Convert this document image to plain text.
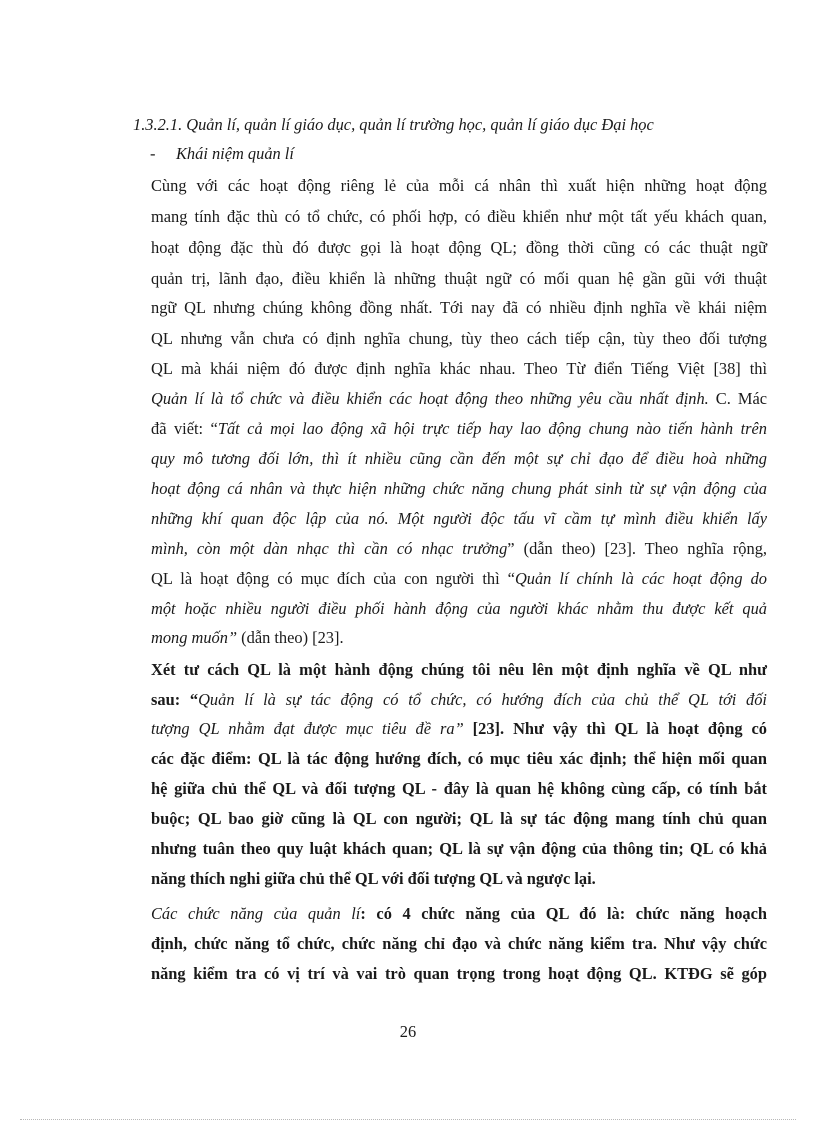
1.3.2.1. Quản lí, quản lí giáo dục, quản lí trường học, quản lí giáo dục Đại học
- Khái niệm quản lí
Cùng với các hoạt động riêng lẻ của mỗi cá nhân thì xuất hiện những hoạt động
mang tính đặc thù có tổ chức, có phối hợp, có điều khiển như một tất yếu khách quan,
hoạt động đặc thù đó được gọi là hoạt động QL; đồng thời cũng có các thuật ngữ
quản trị, lãnh đạo, điều khiển là những thuật ngữ có mối quan hệ gần gũi với thuật
ngữ QL nhưng chúng không đồng nhất. Tới nay đã có nhiều định nghĩa về khái niệm
QL nhưng vẫn chưa có định nghĩa chung, tùy theo cách tiếp cận, tùy theo đối tượng
QL mà khái niệm đó được định nghĩa khác nhau. Theo Từ điển Tiếng Việt [38] thì
Quản lí là tổ chức và điều khiển các hoạt động theo những yêu cầu nhất định. C. Mác
đã viết: “Tất cả mọi lao động xã hội trực tiếp hay lao động chung nào tiến hành trên
quy mô tương đối lớn, thì ít nhiều cũng cần đến một sự chỉ đạo để điều hoà những
hoạt động cá nhân và thực hiện những chức năng chung phát sinh từ sự vận động của
những khí quan độc lập của nó. Một người độc tấu vĩ cầm tự mình điều khiển lấy
mình, còn một dàn nhạc thì cần có nhạc trưởng” (dẫn theo) [23]. Theo nghĩa rộng,
QL là hoạt động có mục đích của con người thì “Quản lí chính là các hoạt động do
một hoặc nhiều người điều phối hành động của người khác nhằm thu được kết quả
mong muốn” (dẫn theo) [23].
Xét tư cách QL là một hành động chúng tôi nêu lên một định nghĩa về QL như
sau: “Quản lí là sự tác động có tổ chức, có hướng đích của chủ thể QL tới đối
tượng QL nhằm đạt được mục tiêu đề ra” [23]. Như vậy thì QL là hoạt động có
các đặc điểm: QL là tác động hướng đích, có mục tiêu xác định; thể hiện mối quan
hệ giữa chủ thể QL và đối tượng QL - đây là quan hệ không cùng cấp, có tính bắt
buộc; QL bao giờ cũng là QL con người; QL là sự tác động mang tính chủ quan
nhưng tuân theo quy luật khách quan; QL là sự vận động của thông tin; QL có khả
năng thích nghi giữa chủ thể QL với đối tượng QL và ngược lại.
Các chức năng của quản lí: có 4 chức năng của QL đó là: chức năng hoạch
định, chức năng tổ chức, chức năng chỉ đạo và chức năng kiểm tra. Như vậy chức
năng kiểm tra có vị trí và vai trò quan trọng trong hoạt động QL. KTĐG sẽ góp
26
